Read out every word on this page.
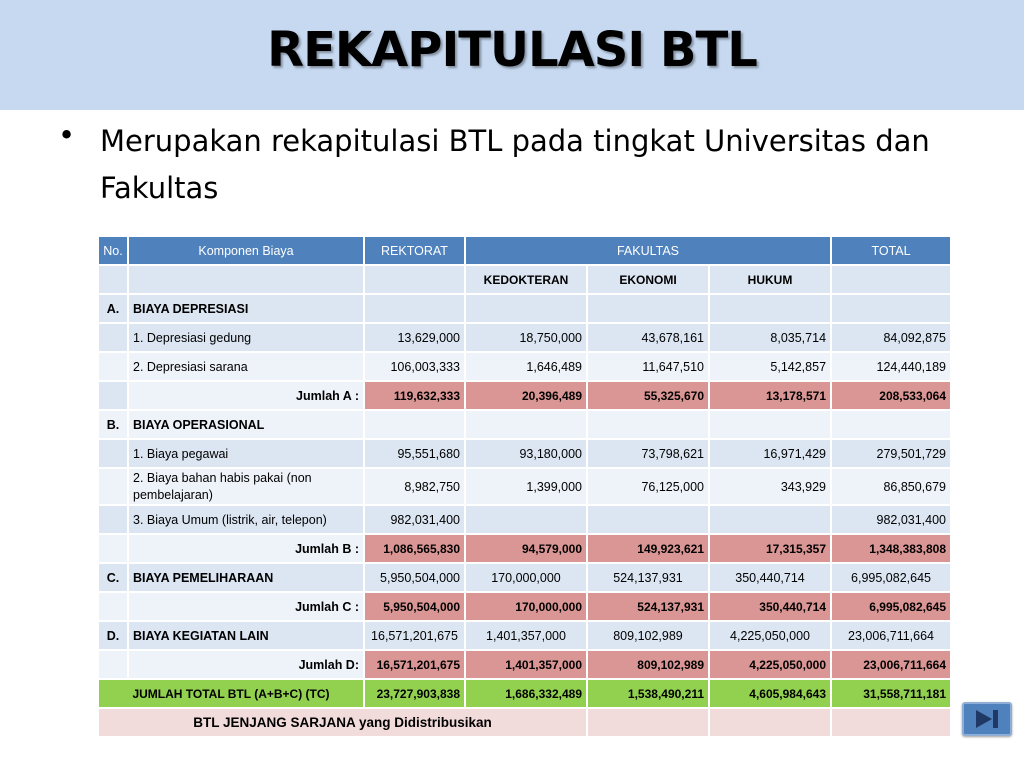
REKAPITULASI BTL
• Merupakan rekapitulasi BTL pada tingkat Universitas dan Fakultas
No.	Komponen Biaya	REKTORAT	FAKULTAS			TOTAL
			KEDOKTERAN	EKONOMI	HUKUM	
A.	BIAYA DEPRESIASI					
	1. Depresiasi gedung	13,629,000	18,750,000	43,678,161	8,035,714	84,092,875
	2. Depresiasi sarana	106,003,333	1,646,489	11,647,510	5,142,857	124,440,189
	Jumlah A :	119,632,333	20,396,489	55,325,670	13,178,571	208,533,064
B.	BIAYA OPERASIONAL					
	1. Biaya pegawai	95,551,680	93,180,000	73,798,621	16,971,429	279,501,729
	2. Biaya bahan habis pakai (non pembelajaran)	8,982,750	1,399,000	76,125,000	343,929	86,850,679
	3. Biaya Umum (listrik, air, telepon)	982,031,400				982,031,400
	Jumlah B :	1,086,565,830	94,579,000	149,923,621	17,315,357	1,348,383,808
C.	BIAYA PEMELIHARAAN	5,950,504,000	170,000,000	524,137,931	350,440,714	6,995,082,645
	Jumlah C :	5,950,504,000	170,000,000	524,137,931	350,440,714	6,995,082,645
D.	BIAYA KEGIATAN LAIN	16,571,201,675	1,401,357,000	809,102,989	4,225,050,000	23,006,711,664
	Jumlah D:	16,571,201,675	1,401,357,000	809,102,989	4,225,050,000	23,006,711,664
JUMLAH TOTAL BTL (A+B+C) (TC)		23,727,903,838	1,686,332,489	1,538,490,211	4,605,984,643	31,558,711,181
BTL JENJANG SARJANA yang Didistribusikan						
